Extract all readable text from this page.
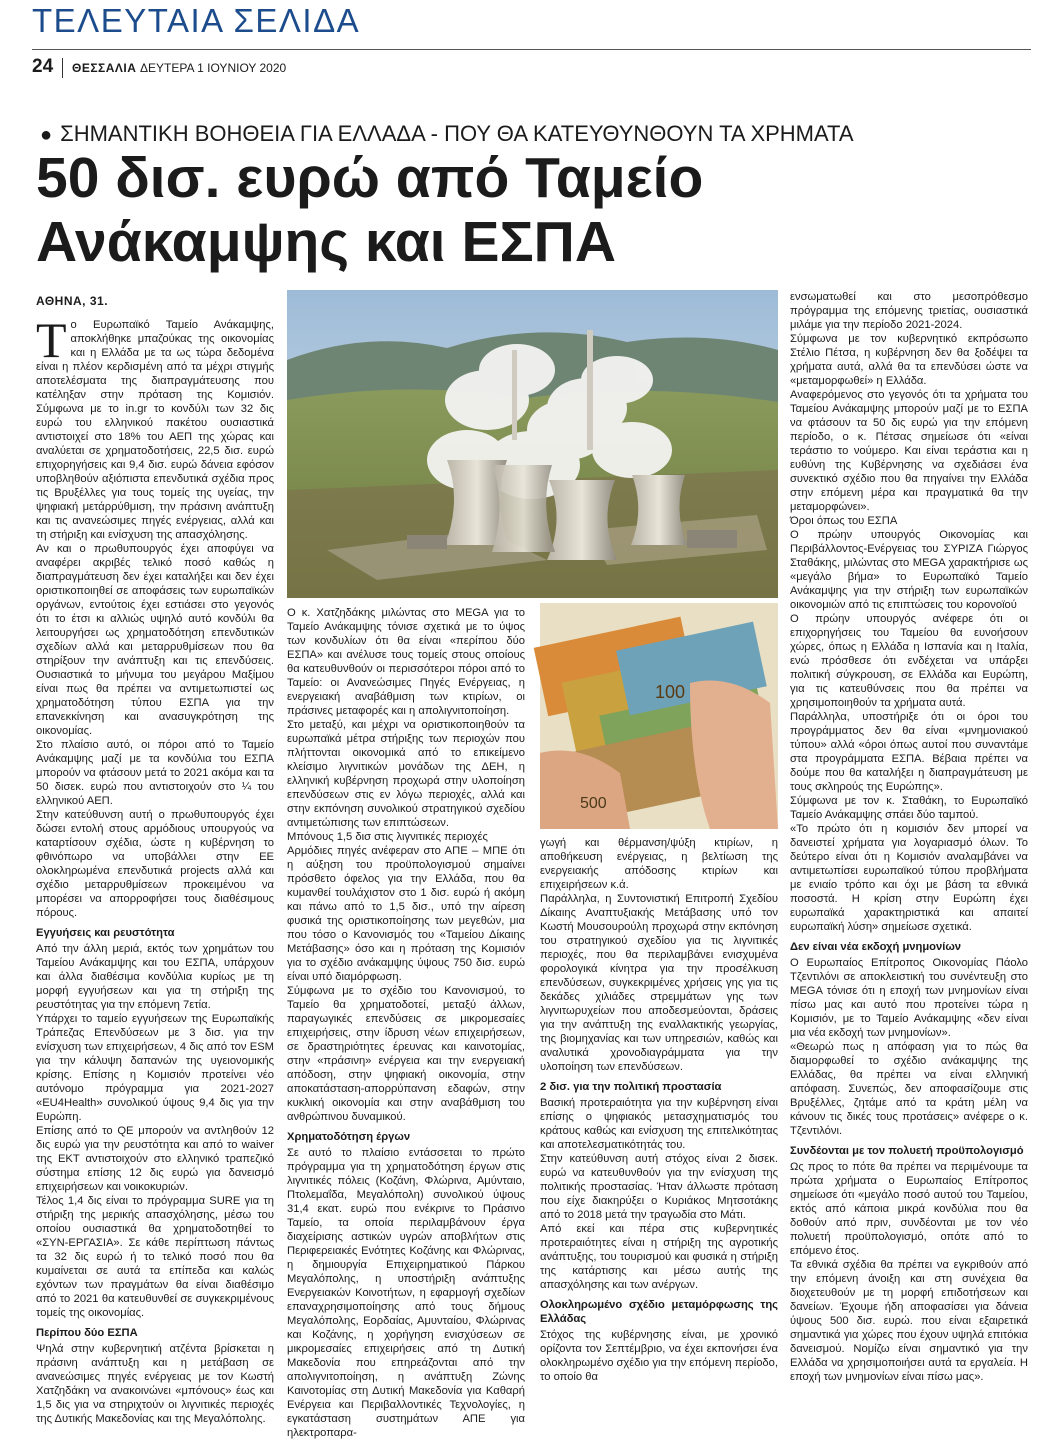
ΤΕΛΕΥΤΑΙΑ ΣΕΛΙΔΑ
24 ΘΕΣΣΑΛΙΑ ΔΕΥΤΕΡΑ 1 ΙΟΥΝΙΟΥ 2020
● ΣΗΜΑΝΤΙΚΗ ΒΟΗΘΕΙΑ ΓΙΑ ΕΛΛΑΔΑ - ΠΟΥ ΘΑ ΚΑΤΕΥΘΥΝΘΟΥΝ ΤΑ ΧΡΗΜΑΤΑ
50 δισ. ευρώ από Ταμείο
Ανάκαμψης και ΕΣΠΑ
ΑΘΗΝΑ, 31.

Το Ευρωπαϊκό Ταμείο Ανάκαμψης, αποκλήθηκε μπαζούκας της οικονομίας και η Ελλάδα με τα ως τώρα δεδομένα είναι η πλέον κερδισμένη από τα μέχρι στιγμής αποτελέσματα της διαπραγμάτευσης που κατέληξαν στην πρόταση της Κομισιόν. Σύμφωνα με το in.gr το κονδύλι των 32 δις ευρώ του ελληνικού πακέτου ουσιαστικά αντιστοιχεί στο 18% του ΑΕΠ της χώρας και αναλύεται σε χρηματοδοτήσεις, 22,5 δισ. ευρώ επιχορηγήσεις και 9,4 δισ. ευρώ δάνεια εφόσον υποβληθούν αξιόπιστα επενδυτικά σχέδια προς τις Βρυξέλλες για τους τομείς της υγείας, την ψηφιακή μετάρρύθμιση, την πράσινη ανάπτυξη και τις ανανεώσιμες πηγές ενέργειας, αλλά και τη στήριξη και ενίσχυση της απασχόλησης.

Αν και ο πρωθυπουργός έχει αποφύγει να αναφέρει ακριβές τελικό ποσό καθώς η διαπραγμάτευση δεν έχει καταλήξει και δεν έχει οριστικοποιηθεί σε αποφάσεις των ευρωπαϊκών οργάνων, εντούτοις έχει εστιάσει στο γεγονός ότι το έτσι κι αλλιώς υψηλό αυτό κονδύλι θα λειτουργήσει ως χρηματοδότηση επενδυτικών σχεδίων αλλά και μεταρρυθμίσεων που θα στηρίξουν την ανάπτυξη και τις επενδύσεις. Ουσιαστικά το μήνυμα του μεγάρου Μαξίμου είναι πως θα πρέπει να αντιμετωπιστεί ως χρηματοδότηση τύπου ΕΣΠΑ για την επανεκκίνηση και ανασυγκρότηση της οικονομίας.

Στο πλαίσιο αυτό, οι πόροι από το Ταμείο Ανάκαμψης μαζί με τα κονδύλια του ΕΣΠΑ μπορούν να φτάσουν μετά το 2021 ακόμα και τα 50 δισεκ. ευρώ που αντιστοιχούν στο ¼ του ελληνικού ΑΕΠ.

Στην κατεύθυνση αυτή ο πρωθυπουργός έχει δώσει εντολή στους αρμόδιους υπουργούς να καταρτίσουν σχέδια, ώστε η κυβέρνηση το φθινόπωρο να υποβάλλει στην ΕΕ ολοκληρωμένα επενδυτικά projects αλλά και σχέδιο μεταρρυθμίσεων προκειμένου να μπορέσει να απορροφήσει τους διαθέσιμους πόρους.

Εγγυήσεις και ρευστότητα

Από την άλλη μεριά, εκτός των χρημάτων του Ταμείου Ανάκαμψης και του ΕΣΠΑ, υπάρχουν και άλλα διαθέσιμα κονδύλια κυρίως με τη μορφή εγγυήσεων και για τη στήριξη της ρευστότητας για την επόμενη 7ετία.

Υπάρχει το ταμείο εγγυήσεων της Ευρωπαϊκής Τράπεζας Επενδύσεων με 3 δισ. για την ενίσχυση των επιχειρήσεων, 4 δις από τον ESM για την κάλυψη δαπανών της υγειονομικής κρίσης. Επίσης η Κομισιόν προτείνει νέο αυτόνομο πρόγραμμα για 2021-2027 «EU4Health» συνολικού ύψους 9,4 δις για την Ευρώπη.

Επίσης από το QE μπορούν να αντληθούν 12 δις ευρώ για την ρευστότητα και από το waiver της ΕΚΤ αντιστοιχούν στο ελληνικό τραπεζικό σύστημα επίσης 12 δις ευρώ για δανεισμό επιχειρήσεων και νοικοκυριών.

Τέλος 1,4 δις είναι το πρόγραμμα SURE για τη στήριξη της μερικής απασχόλησης, μέσω του οποίου ουσιαστικά θα χρηματοδοτηθεί το «ΣΥΝ-ΕΡΓΑΣΙΑ». Σε κάθε περίπτωση πάντως τα 32 δις ευρώ ή το τελικό ποσό που θα κυμαίνεται σε αυτά τα επίπεδα και καλώς εχόντων των πραγμάτων θα είναι διαθέσιμο από το 2021 θα κατευθυνθεί σε συγκεκριμένους τομείς της οικονομίας.

Περίπου δύο ΕΣΠΑ

Ψηλά στην κυβερνητική ατζέντα βρίσκεται η πράσινη ανάπτυξη και η μετάβαση σε ανανεώσιμες πηγές ενέργειας με τον Κωστή Χατζηδάκη να ανακοινώνει «μπόνους» έως και 1,5 δις για να στηριχτούν οι λιγνιτικές περιοχές της Δυτικής Μακεδονίας και της Μεγαλόπολης.

Ο κ. Χατζηδάκης μιλώντας στο MEGA για το Ταμείο Ανάκαμψης τόνισε σχετικά με το ύψος των κονδυλίων ότι θα είναι «περίπου δύο ΕΣΠΑ» και ανέλυσε τους τομείς στους οποίους θα κατευθυνθούν οι περισσότεροι πόροι από το Ταμείο: οι Ανανεώσιμες Πηγές Ενέργειας, η ενεργειακή αναβάθμιση των κτιρίων, οι πράσινες μεταφορές και η απολιγνιτοποίηση.

Στο μεταξύ, και μέχρι να οριστικοποιηθούν τα ευρωπαϊκά μέτρα στήριξης των περιοχών που πλήττονται οικονομικά από το επικείμενο κλείσιμο λιγνιτικών μονάδων της ΔΕΗ, η ελληνική κυβέρνηση προχωρά στην υλοποίηση επενδύσεων στις εν λόγω περιοχές, αλλά και στην εκπόνηση συνολικού στρατηγικού σχεδίου αντιμετώπισης των επιπτώσεων.

Μπόνους 1,5 δισ στις λιγνιτικές περιοχές

Αρμόδιες πηγές ανέφεραν στο ΑΠΕ – ΜΠΕ ότι η αύξηση του προϋπολογισμού σημαίνει πρόσθετο όφελος για την Ελλάδα, που θα κυμανθεί τουλάχιστον στο 1 δισ. ευρώ ή ακόμη και πάνω από το 1,5 δισ., υπό την αίρεση φυσικά της οριστικοποίησης των μεγεθών, μια που τόσο ο Κανονισμός του «Ταμείου Δίκαιης Μετάβασης» όσο και η πρόταση της Κομισιόν για το σχέδιο ανάκαμψης ύψους 750 δισ. ευρώ είναι υπό διαμόρφωση.

Σύμφωνα με το σχέδιο του Κανονισμού, το Ταμείο θα χρηματοδοτεί, μεταξύ άλλων, παραγωγικές επενδύσεις σε μικρομεσαίες επιχειρήσεις, στην ίδρυση νέων επιχειρήσεων, σε δραστηριότητες έρευνας και καινοτομίας, στην «πράσινη» ενέργεια και την ενεργειακή απόδοση, στην ψηφιακή οικονομία, στην αποκατάσταση-απορρύπανση εδαφών, στην κυκλική οικονομία και στην αναβάθμιση του ανθρώπινου δυναμικού.

Χρηματοδότηση έργων

Σε αυτό το πλαίσιο εντάσσεται το πρώτο πρόγραμμα για τη χρηματοδότηση έργων στις λιγνιτικές πόλεις (Κοζάνη, Φλώρινα, Αμύνταιο, Πτολεμαΐδα, Μεγαλόπολη) συνολικού ύψους 31,4 εκατ. ευρώ που ενέκρινε το Πράσινο Ταμείο, τα οποία περιλαμβάνουν έργα διαχείρισης αστικών υγρών αποβλήτων στις Περιφερειακές Ενότητες Κοζάνης και Φλώρινας, η δημιουργία Επιχειρηματικού Πάρκου Μεγαλόπολης, η υποστήριξη ανάπτυξης Ενεργειακών Κοινοτήτων, η εφαρμογή σχεδίων επαναχρησιμοποίησης από τους δήμους Μεγαλόπολης, Εορδαίας, Αμυνταίου, Φλώρινας και Κοζάνης, η χορήγηση ενισχύσεων σε μικρομεσαίες επιχειρήσεις από τη Δυτική Μακεδονία που επηρεάζονται από την απολιγνιτοποίηση, η ανάπτυξη Ζώνης Καινοτομίας στη Δυτική Μακεδονία για Καθαρή Ενέργεια και Περιβαλλοντικές Τεχνολογίες, η εγκατάσταση συστημάτων ΑΠΕ για ηλεκτροπαρα-

100
500

γωγή και θέρμανση/ψύξη κτιρίων, η αποθήκευση ενέργειας, η βελτίωση της ενεργειακής απόδοσης κτιρίων και επιχειρήσεων κ.ά.

Παράλληλα, η Συντονιστική Επιτροπή Σχεδίου Δίκαιης Αναπτυξιακής Μετάβασης υπό τον Κωστή Μουσουρούλη προχωρά στην εκπόνηση του στρατηγικού σχεδίου για τις λιγνιτικές περιοχές, που θα περιλαμβάνει ενισχυμένα φορολογικά κίνητρα για την προσέλκυση επενδύσεων, συγκεκριμένες χρήσεις γης για τις δεκάδες χιλιάδες στρεμμάτων γης των λιγνιτωρυχείων που αποδεσμεύονται, δράσεις για την ανάπτυξη της εναλλακτικής γεωργίας, της βιομηχανίας και των υπηρεσιών, καθώς και αναλυτικά χρονοδιαγράμματα για την υλοποίηση των επενδύσεων.

2 δισ. για την πολιτική προστασία

Βασική προτεραιότητα για την κυβέρνηση είναι επίσης ο ψηφιακός μετασχηματισμός του κράτους καθώς και ενίσχυση της επιτελικότητας και αποτελεσματικότητάς του.

Στην κατεύθυνση αυτή στόχος είναι 2 δισεκ. ευρώ να κατευθυνθούν για την ενίσχυση της πολιτικής προστασίας. Ήταν άλλωστε πρόταση που είχε διακηρύξει ο Κυριάκος Μητσοτάκης από το 2018 μετά την τραγωδία στο Μάτι.

Από εκεί και πέρα στις κυβερνητικές προτεραιότητες είναι η στήριξη της αγροτικής ανάπτυξης, του τουρισμού και φυσικά η στήριξη της κατάρτισης και μέσω αυτής της απασχόλησης και των ανέργων.

Ολοκληρωμένο σχέδιο μεταμόρφωσης της Ελλάδας

Στόχος της κυβέρνησης είναι, με χρονικό ορίζοντα τον Σεπτέμβριο, να έχει εκπονήσει ένα ολοκληρωμένο σχέδιο για την επόμενη περίοδο, το οποίο θα

ενσωματωθεί και στο μεσοπρόθεσμο πρόγραμμα της επόμενης τριετίας, ουσιαστικά μιλάμε για την περίοδο 2021-2024.

Σύμφωνα με τον κυβερνητικό εκπρόσωπο Στέλιο Πέτσα, η κυβέρνηση δεν θα ξοδέψει τα χρήματα αυτά, αλλά θα τα επενδύσει ώστε να «μεταμορφωθεί» η Ελλάδα.

Αναφερόμενος στο γεγονός ότι τα χρήματα του Ταμείου Ανάκαμψης μπορούν μαζί με το ΕΣΠΑ να φτάσουν τα 50 δις ευρώ για την επόμενη περίοδο, ο κ. Πέτσας σημείωσε ότι «είναι τεράστιο το νούμερο. Και είναι τεράστια και η ευθύνη της Κυβέρνησης να σχεδιάσει ένα συνεκτικό σχέδιο που θα πηγαίνει την Ελλάδα στην επόμενη μέρα και πραγματικά θα την μεταμορφώνει».

Όροι όπως του ΕΣΠΑ

Ο πρώην υπουργός Οικονομίας και Περιβάλλοντος-Ενέργειας του ΣΥΡΙΖΑ Γιώργος Σταθάκης, μιλώντας στο MEGA χαρακτήρισε ως «μεγάλο βήμα» το Ευρωπαϊκό Ταμείο Ανάκαμψης για την στήριξη των ευρωπαϊκών οικονομιών από τις επιπτώσεις του κορονοϊού

Ο πρώην υπουργός ανέφερε ότι οι επιχορηγήσεις του Ταμείου θα ευνοήσουν χώρες, όπως η Ελλάδα η Ισπανία και η Ιταλία, ενώ πρόσθεσε ότι ενδέχεται να υπάρξει πολιτική σύγκρουση, σε Ελλάδα και Ευρώπη, για τις κατευθύνσεις που θα πρέπει να χρησιμοποιηθούν τα χρήματα αυτά.

Παράλληλα, υποστήριξε ότι οι όροι του προγράμματος δεν θα είναι «μνημονιακού τύπου» αλλά «όροι όπως αυτοί που συναντάμε στα προγράμματα ΕΣΠΑ. Βέβαια πρέπει να δούμε που θα καταλήξει η διαπραγμάτευση με τους σκληρούς της Ευρώπης».

Σύμφωνα με τον κ. Σταθάκη, το Ευρωπαϊκό Ταμείο Ανάκαμψης σπάει δύο ταμπού.

«Το πρώτο ότι η κομισιόν δεν μπορεί να δανειστεί χρήματα για λογαριασμό όλων. Το δεύτερο είναι ότι η Κομισιόν αναλαμβάνει να αντιμετωπίσει ευρωπαϊκού τύπου προβλήματα με ενιαίο τρόπο και όχι με βάση τα εθνικά ποσοστά. Η κρίση στην Ευρώπη έχει ευρωπαϊκά χαρακτηριστικά και απαιτεί ευρωπαϊκή λύση» σημείωσε σχετικά.

Δεν είναι νέα εκδοχή μνημονίων

Ο Ευρωπαίος Επίτροπος Οικονομίας Πάολο Τζεντιλόνι σε αποκλειστική του συνέντευξη στο MEGA τόνισε ότι η εποχή των μνημονίων είναι πίσω μας και αυτό που προτείνει τώρα η Κομισιόν, με το Ταμείο Ανάκαμψης «δεν είναι μια νέα εκδοχή των μνημονίων».

«Θεωρώ πως η απόφαση για το πώς θα διαμορφωθεί το σχέδιο ανάκαμψης της Ελλάδας, θα πρέπει να είναι ελληνική απόφαση. Συνεπώς, δεν αποφασίζουμε στις Βρυξέλλες, ζητάμε από τα κράτη μέλη να κάνουν τις δικές τους προτάσεις» ανέφερε ο κ. Τζεντιλόνι.

Συνδέονται με τον πολυετή προϋπολογισμό

Ως προς το πότε θα πρέπει να περιμένουμε τα πρώτα χρήματα ο Ευρωπαίος Επίτροπος σημείωσε ότι «μεγάλο ποσό αυτού του Ταμείου, εκτός από κάποια μικρά κονδύλια που θα δοθούν από πριν, συνδέονται με τον νέο πολυετή προϋπολογισμό, οπότε από το επόμενο έτος.

Τα εθνικά σχέδια θα πρέπει να εγκριθούν από την επόμενη άνοιξη και στη συνέχεια θα διοχετευθούν με τη μορφή επιδοτήσεων και δανείων. Έχουμε ήδη αποφασίσει για δάνεια ύψους 500 δισ. ευρώ. που είναι εξαιρετικά σημαντικά για χώρες που έχουν υψηλά επιτόκια δανεισμού. Νομίζω είναι σημαντικό για την Ελλάδα να χρησιμοποιήσει αυτά τα εργαλεία. Η εποχή των μνημονίων είναι πίσω μας».
